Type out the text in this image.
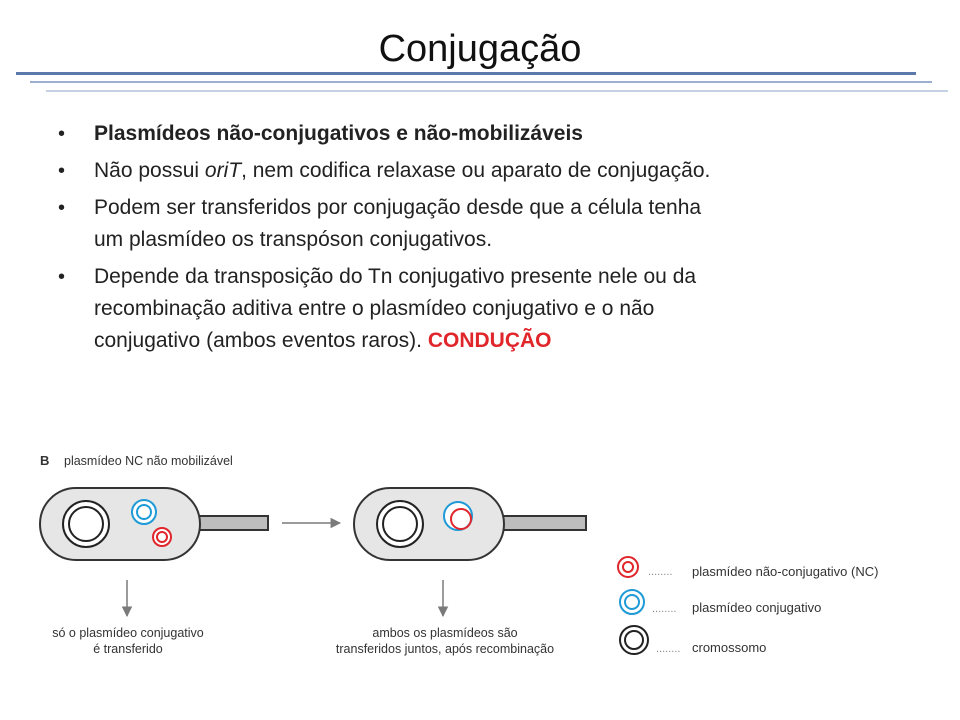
Conjugação
• Plasmídeos não-conjugativos e não-mobilizáveis
• Não possui oriT, nem codifica relaxase ou aparato de conjugação.
• Podem ser transferidos por conjugação desde que a célula tenha
um plasmídeo os transpóson conjugativos.
• Depende da transposição do Tn conjugativo presente nele ou da
recombinação aditiva entre o plasmídeo conjugativo e o não
conjugativo (ambos eventos raros). CONDUÇÃO
B plasmídeo NC não mobilizável
só o plasmídeo conjugativo
é transferido
ambos os plasmídeos são
transferidos juntos, após recombinação
........ plasmídeo não-conjugativo (NC)
........ plasmídeo conjugativo
........ cromossomo
